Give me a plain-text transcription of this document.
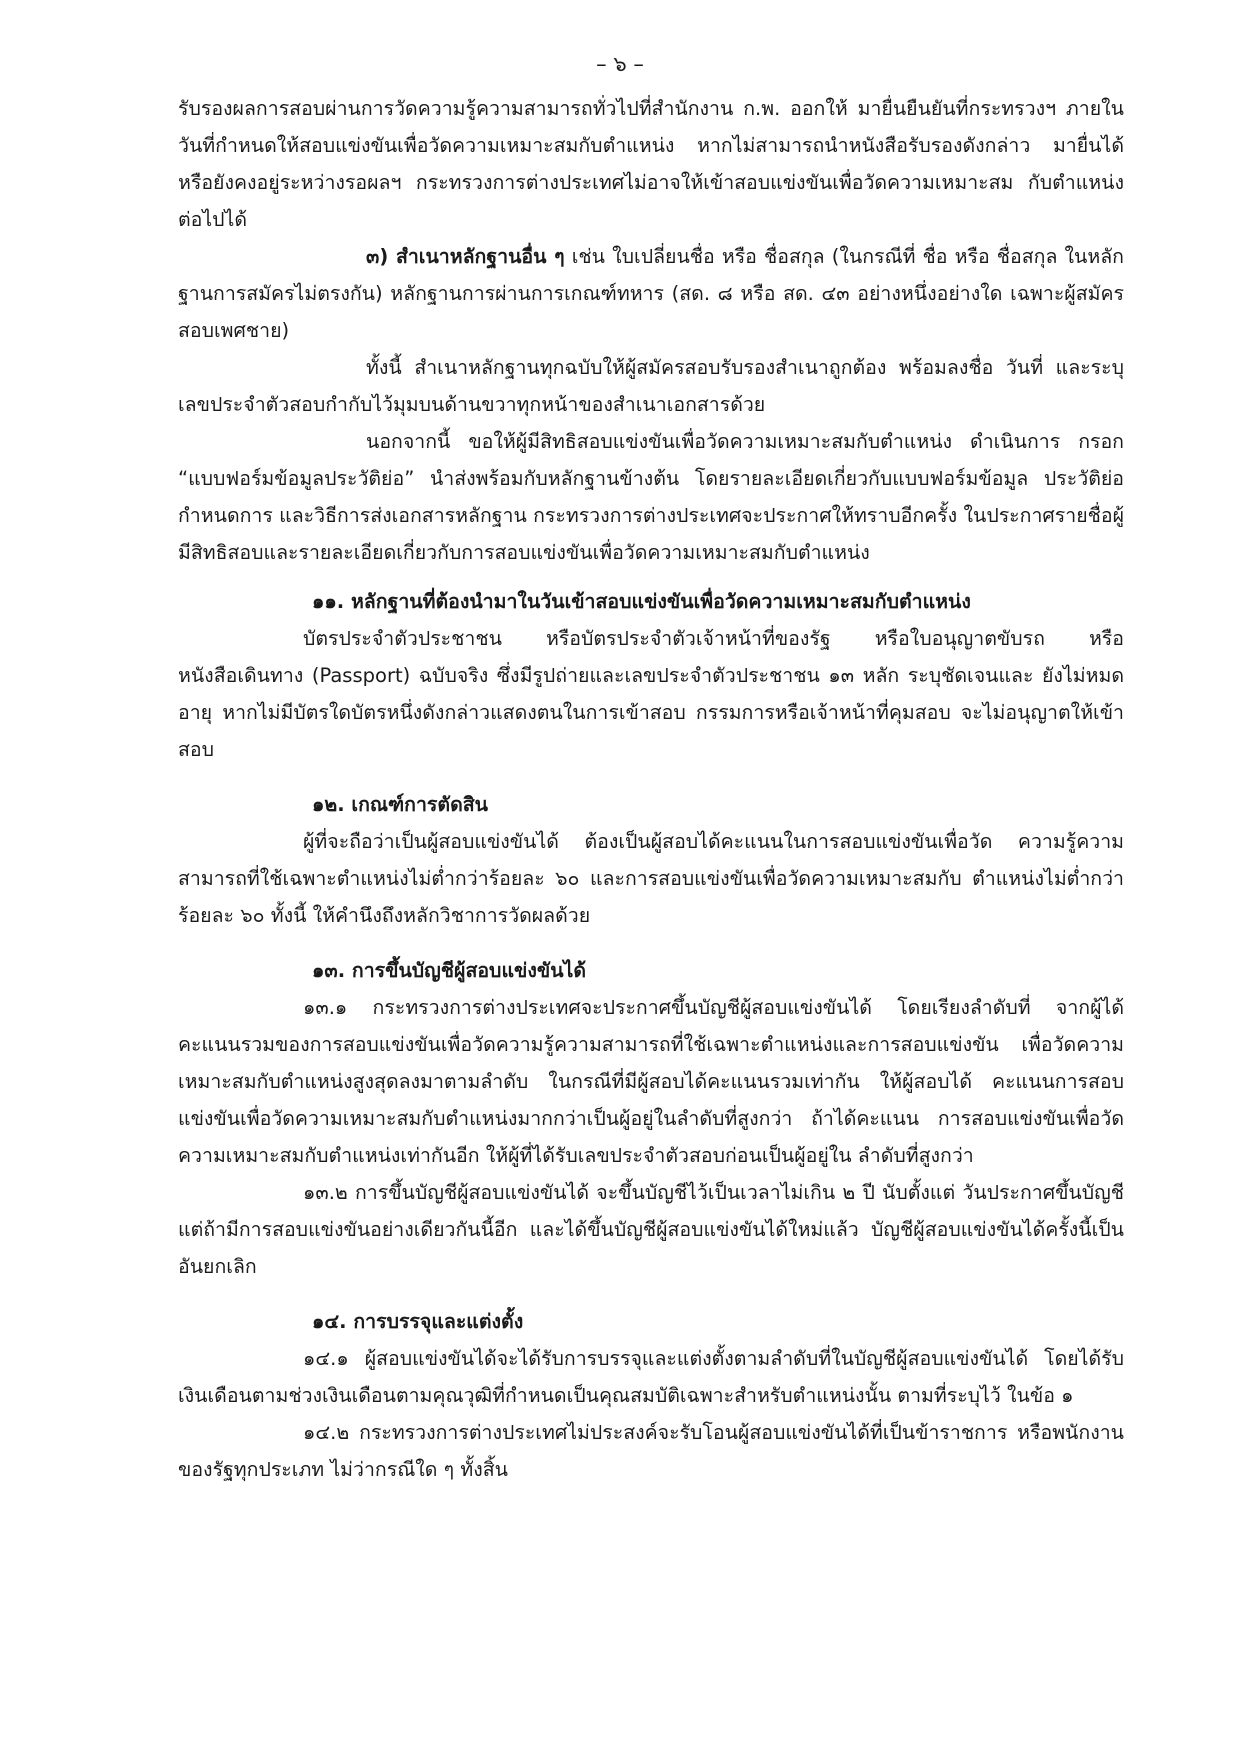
– ๖ –

รับรองผลการสอบผ่านการวัดความรู้ความสามารถทั่วไปที่สำนักงาน ก.พ. ออกให้ มายื่นยืนยันที่กระทรวงฯ ภายในวันที่กำหนดให้สอบแข่งขันเพื่อวัดความเหมาะสมกับตำแหน่ง หากไม่สามารถนำหนังสือรับรองดังกล่าว มายื่นได้หรือยังคงอยู่ระหว่างรอผลฯ กระทรวงการต่างประเทศไม่อาจให้เข้าสอบแข่งขันเพื่อวัดความเหมาะสม กับตำแหน่งต่อไปได้

๓) สำเนาหลักฐานอื่น ๆ เช่น ใบเปลี่ยนชื่อ หรือ ชื่อสกุล (ในกรณีที่ ชื่อ หรือ ชื่อสกุล ในหลักฐานการสมัครไม่ตรงกัน) หลักฐานการผ่านการเกณฑ์ทหาร (สด. ๘ หรือ สด. ๔๓ อย่างหนึ่งอย่างใด เฉพาะผู้สมัครสอบเพศชาย)

ทั้งนี้ สำเนาหลักฐานทุกฉบับให้ผู้สมัครสอบรับรองสำเนาถูกต้อง พร้อมลงชื่อ วันที่ และระบุเลขประจำตัวสอบกำกับไว้มุมบนด้านขวาทุกหน้าของสำเนาเอกสารด้วย

นอกจากนี้ ขอให้ผู้มีสิทธิสอบแข่งขันเพื่อวัดความเหมาะสมกับตำแหน่ง ดำเนินการ กรอก “แบบฟอร์มข้อมูลประวัติย่อ” นำส่งพร้อมกับหลักฐานข้างต้น โดยรายละเอียดเกี่ยวกับแบบฟอร์มข้อมูล ประวัติย่อ กำหนดการ และวิธีการส่งเอกสารหลักฐาน กระทรวงการต่างประเทศจะประกาศให้ทราบอีกครั้ง ในประกาศรายชื่อผู้มีสิทธิสอบและรายละเอียดเกี่ยวกับการสอบแข่งขันเพื่อวัดความเหมาะสมกับตำแหน่ง

๑๑. หลักฐานที่ต้องนำมาในวันเข้าสอบแข่งขันเพื่อวัดความเหมาะสมกับตำแหน่ง

บัตรประจำตัวประชาชน หรือบัตรประจำตัวเจ้าหน้าที่ของรัฐ หรือใบอนุญาตขับรถ หรือหนังสือเดินทาง (Passport) ฉบับจริง ซึ่งมีรูปถ่ายและเลขประจำตัวประชาชน ๑๓ หลัก ระบุชัดเจนและ ยังไม่หมดอายุ หากไม่มีบัตรใดบัตรหนึ่งดังกล่าวแสดงตนในการเข้าสอบ กรรมการหรือเจ้าหน้าที่คุมสอบ จะไม่อนุญาตให้เข้าสอบ

๑๒. เกณฑ์การตัดสิน

ผู้ที่จะถือว่าเป็นผู้สอบแข่งขันได้ ต้องเป็นผู้สอบได้คะแนนในการสอบแข่งขันเพื่อวัด ความรู้ความสามารถที่ใช้เฉพาะตำแหน่งไม่ต่ำกว่าร้อยละ ๖๐ และการสอบแข่งขันเพื่อวัดความเหมาะสมกับ ตำแหน่งไม่ต่ำกว่าร้อยละ ๖๐ ทั้งนี้ ให้คำนึงถึงหลักวิชาการวัดผลด้วย

๑๓. การขึ้นบัญชีผู้สอบแข่งขันได้

๑๓.๑ กระทรวงการต่างประเทศจะประกาศขึ้นบัญชีผู้สอบแข่งขันได้ โดยเรียงลำดับที่ จากผู้ได้คะแนนรวมของการสอบแข่งขันเพื่อวัดความรู้ความสามารถที่ใช้เฉพาะตำแหน่งและการสอบแข่งขัน เพื่อวัดความเหมาะสมกับตำแหน่งสูงสุดลงมาตามลำดับ ในกรณีที่มีผู้สอบได้คะแนนรวมเท่ากัน ให้ผู้สอบได้ คะแนนการสอบแข่งขันเพื่อวัดความเหมาะสมกับตำแหน่งมากกว่าเป็นผู้อยู่ในลำดับที่สูงกว่า ถ้าได้คะแนน การสอบแข่งขันเพื่อวัดความเหมาะสมกับตำแหน่งเท่ากันอีก ให้ผู้ที่ได้รับเลขประจำตัวสอบก่อนเป็นผู้อยู่ใน ลำดับที่สูงกว่า

๑๓.๒ การขึ้นบัญชีผู้สอบแข่งขันได้ จะขึ้นบัญชีไว้เป็นเวลาไม่เกิน ๒ ปี นับตั้งแต่ วันประกาศขึ้นบัญชี แต่ถ้ามีการสอบแข่งขันอย่างเดียวกันนี้อีก และได้ขึ้นบัญชีผู้สอบแข่งขันได้ใหม่แล้ว บัญชีผู้สอบแข่งขันได้ครั้งนี้เป็นอันยกเลิก

๑๔. การบรรจุและแต่งตั้ง

๑๔.๑ ผู้สอบแข่งขันได้จะได้รับการบรรจุและแต่งตั้งตามลำดับที่ในบัญชีผู้สอบแข่งขันได้ โดยได้รับเงินเดือนตามช่วงเงินเดือนตามคุณวุฒิที่กำหนดเป็นคุณสมบัติเฉพาะสำหรับตำแหน่งนั้น ตามที่ระบุไว้ ในข้อ ๑

๑๔.๒ กระทรวงการต่างประเทศไม่ประสงค์จะรับโอนผู้สอบแข่งขันได้ที่เป็นข้าราชการ หรือพนักงานของรัฐทุกประเภท ไม่ว่ากรณีใด ๆ ทั้งสิ้น
